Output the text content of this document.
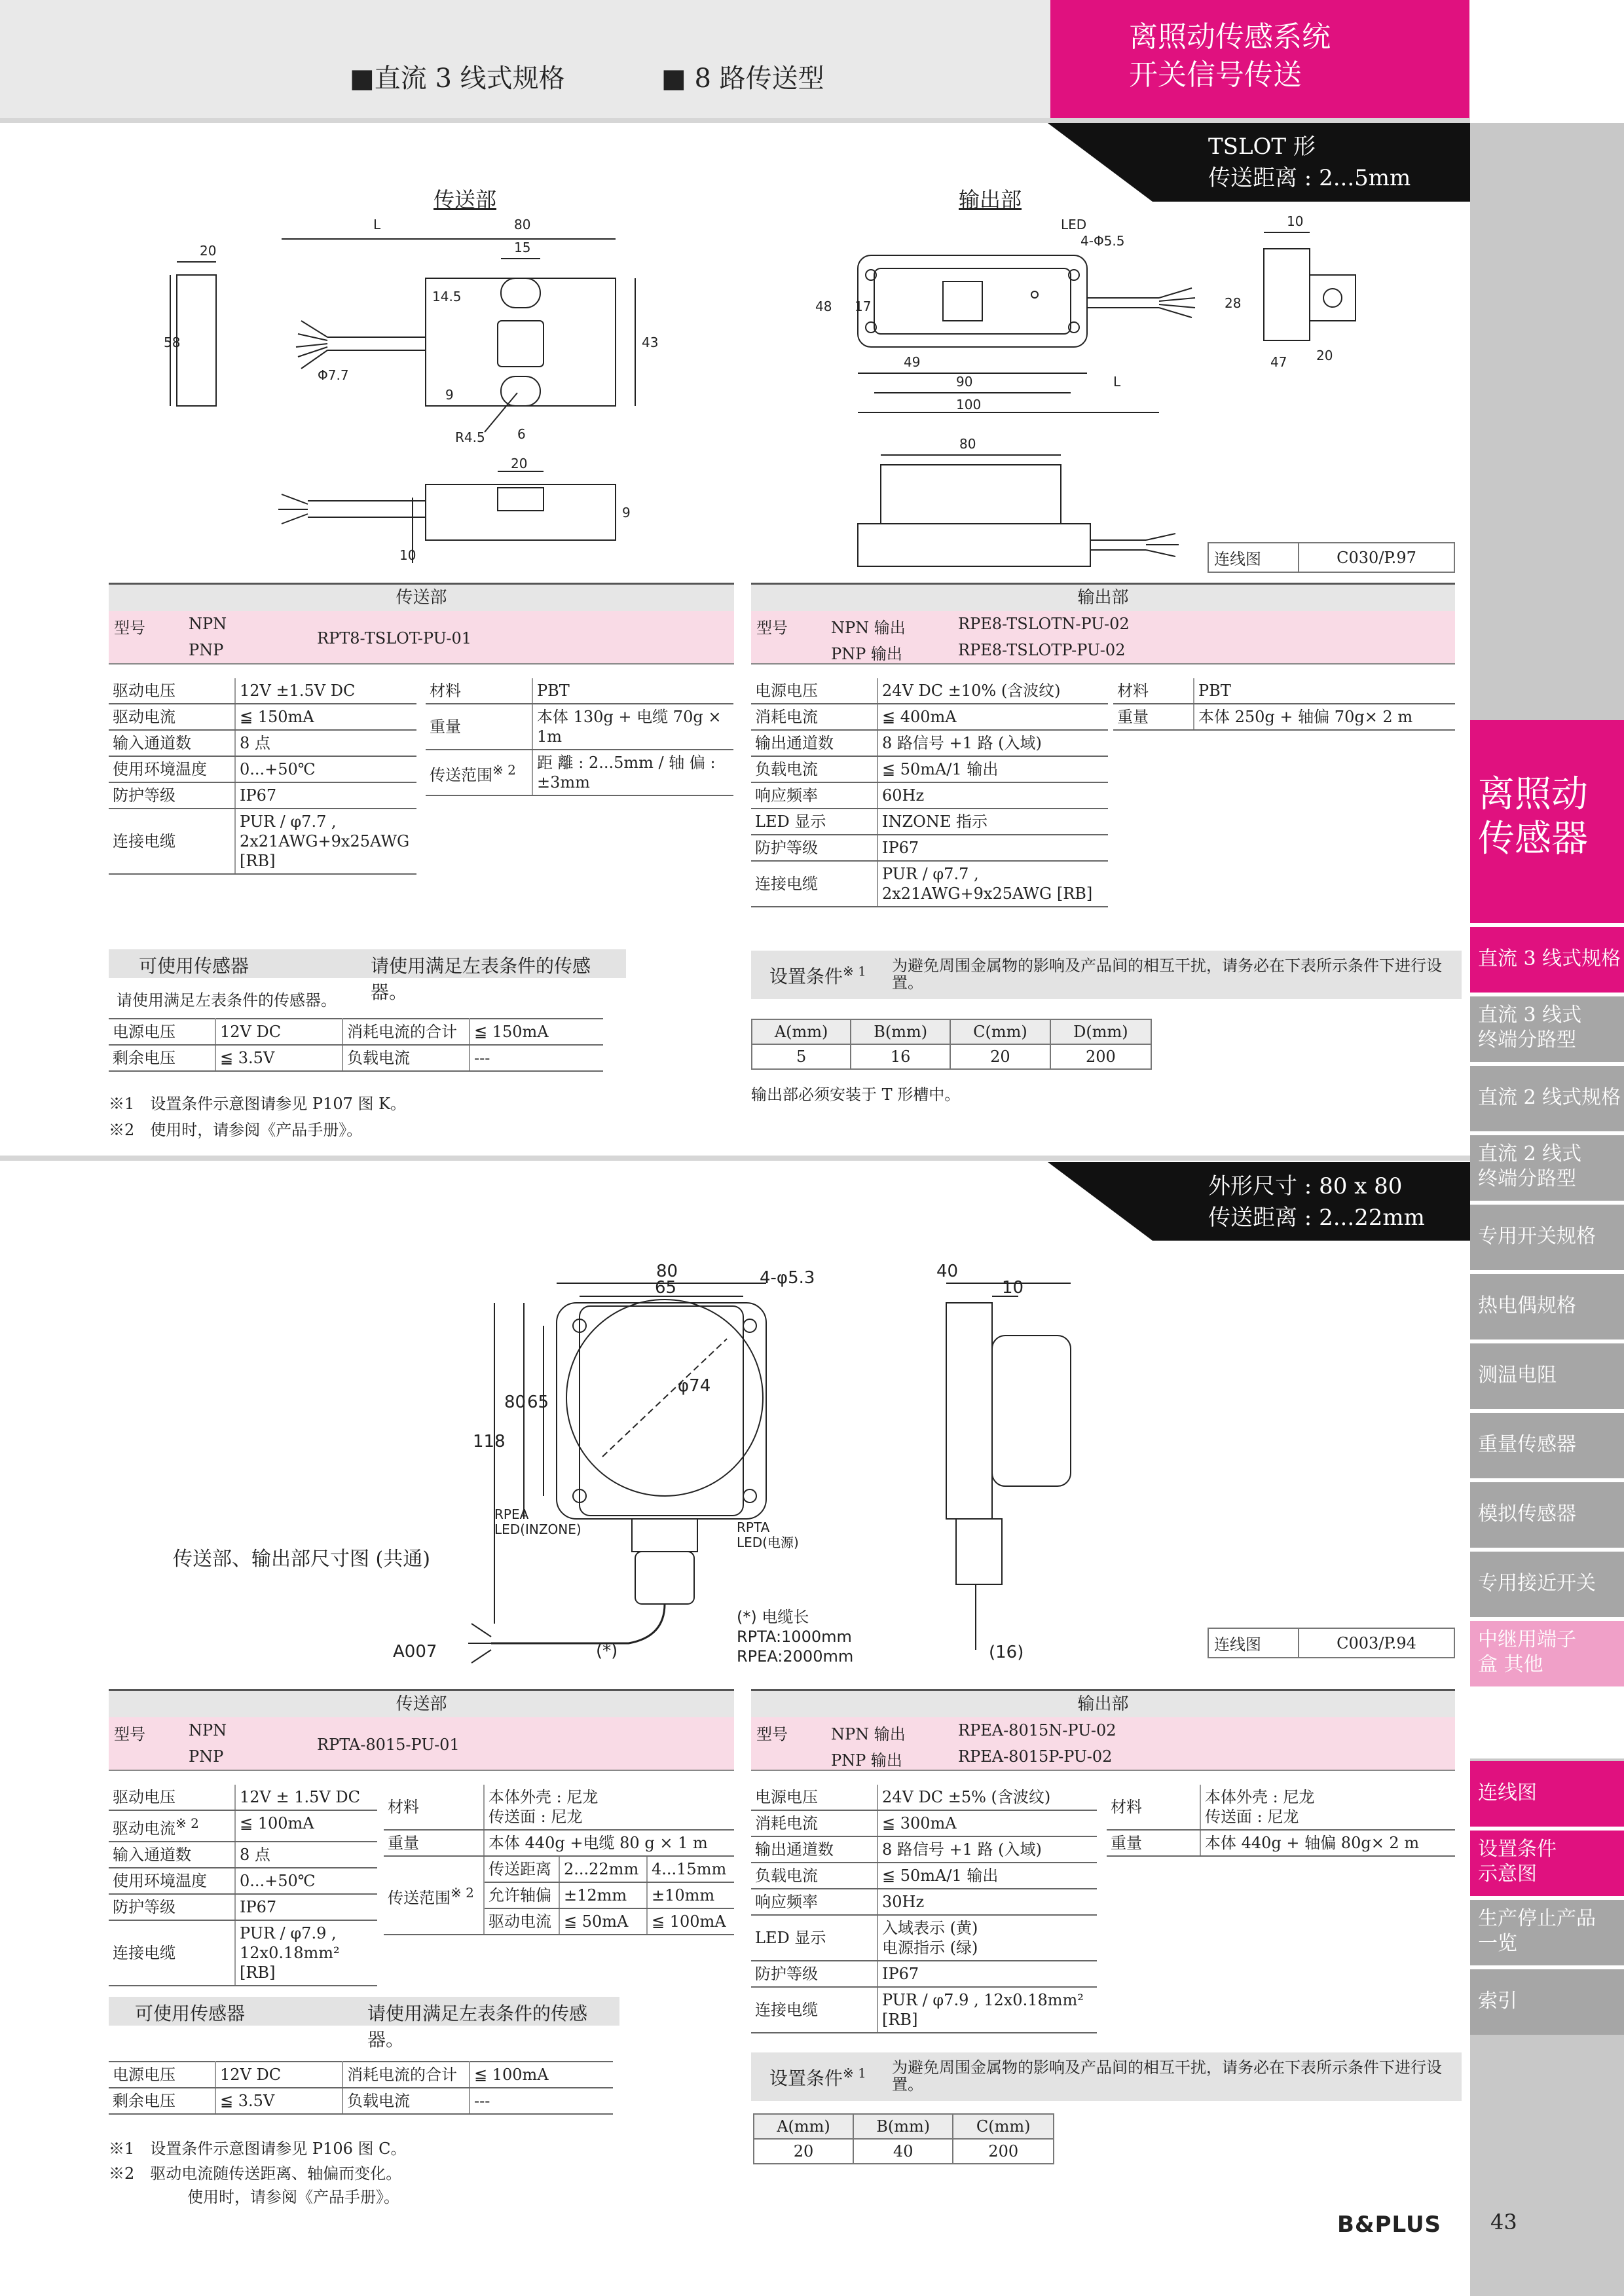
■直流 3 线式规格	■ 8 路传送型
离照动传感系统
开关信号传送
离照动
传感器
直流 3 线式规格
直流 3 线式
终端分路型
直流 2 线式规格
直流 2 线式
终端分路型
专用开关规格
热电偶规格
测温电阻
重量传感器
模拟传感器
专用接近开关
中继用端子
盒 其他
连线图
设置条件
示意图
生产停止产品
一览
索引
TSLOT 形
传送距离 : 2...5mm
传送部	输出部
20
58
80
15
14.5
43
L
Φ7.7
9
6
R4.5
20
9
10
LED
4-Φ5.5
17
48
49
90
100
L
10
28
47 20
80
连线图	C030/P.97
传送部
型号	NPN
PNP
RPT8-TSLOT-PU-01
驱动电压	12V ±1.5V DC
驱动电流	≦ 150mA
输入通道数	8 点
使用环境温度	0...+50℃
防护等级	IP67
连接电缆	PUR / φ7.7 ,
2x21AWG+9x25AWG [RB]
材料	PBT
重量	本体 130g + 电缆 70g × 1m
传送范围$^{※ 2}$	距 離 : 2...5mm / 轴 偏 : ±3mm
输出部
型号	NPN 输出
PNP 输出
RPE8-TSLOTN-PU-02
RPE8-TSLOTP-PU-02
电源电压	24V DC ±10% (含波纹)
消耗电流	≦ 400mA
输出通道数	8 路信号 +1 路 (入域)
负载电流	≦ 50mA/1 输出
响应频率	60Hz
LED 显示	INZONE 指示
防护等级	IP67
连接电缆	PUR / φ7.7 ,
2x21AWG+9x25AWG [RB]
材料	PBT
重量	本体 250g + 轴偏 70g× 2 m
可使用传感器	请使用满足左表条件的传感器。
请使用满足左表条件的传感器。
电源电压	12V DC	消耗电流的合计	≦ 150mA
剩余电压	≦ 3.5V	负载电流	---
※1　设置条件示意图请参见 P107 图 K。
※2　使用时，请参阅《产品手册》。
设置条件$^{※ 1}$ 为避免周围金属物的影响及产品间的相互干扰，请务必在下表所示条件下进行设置。
A(mm)	B(mm)	C(mm)	D(mm)
5	16	20	200
输出部必须安装于 T 形槽中。
外形尺寸 : 80 x 80
传送距离 : 2...22mm
80
65	4-φ5.3
φ74
80 65
118
40
10
(*)	(16)
RPEA
LED(INZONE)	RPTA
LED(电源)
传送部、输出部尺寸图 (共通)
A007
(*) 电缆长
RPTA:1000mm
RPEA:2000mm
连线图	C003/P.94
传送部
型号	NPN
PNP
RPTA-8015-PU-01
驱动电压	12V ± 1.5V DC
驱动电流$^{※ 2}$	≦ 100mA
输入通道数	8 点
使用环境温度	0...+50℃
防护等级	IP67
连接电缆	PUR / φ7.9 ,
12x0.18mm² [RB]
材料	本体外壳 : 尼龙
传送面 : 尼龙		

重量	本体 440g +电缆 80 g × 1 m		
传送范围$^{※ 2}$	传送距离	2...22mm	4...15mm
	允许轴偏	±12mm	±10mm
	驱动电流	≦ 50mA	≦ 100mA
输出部
型号	NPN 输出
PNP 输出
RPEA-8015N-PU-02
RPEA-8015P-PU-02
电源电压	24V DC ±5% (含波纹)
消耗电流	≦ 300mA
输出通道数	8 路信号 +1 路 (入域)
负载电流	≦ 50mA/1 输出
响应频率	30Hz
LED 显示	入域表示 (黄)
电源指示 (绿)

防护等级	IP67
连接电缆	PUR / φ7.9 , 12x0.18mm²
[RB]
材料	本体外壳 : 尼龙
传送面 : 尼龙

重量	本体 440g + 轴偏 80g× 2 m
可使用传感器	请使用满足左表条件的传感器。
电源电压	12V DC	消耗电流的合计	≦ 100mA
剩余电压	≦ 3.5V	负载电流	---
※1　设置条件示意图请参见 P106 图 C。
※2　驱动电流随传送距离、轴偏而变化。
使用时，请参阅《产品手册》。
设置条件$^{※ 1}$ 为避免周围金属物的影响及产品间的相互干扰，请务必在下表所示条件下进行设置。
A(mm)	B(mm)	C(mm)
20	40	200
B&PLUS 43
